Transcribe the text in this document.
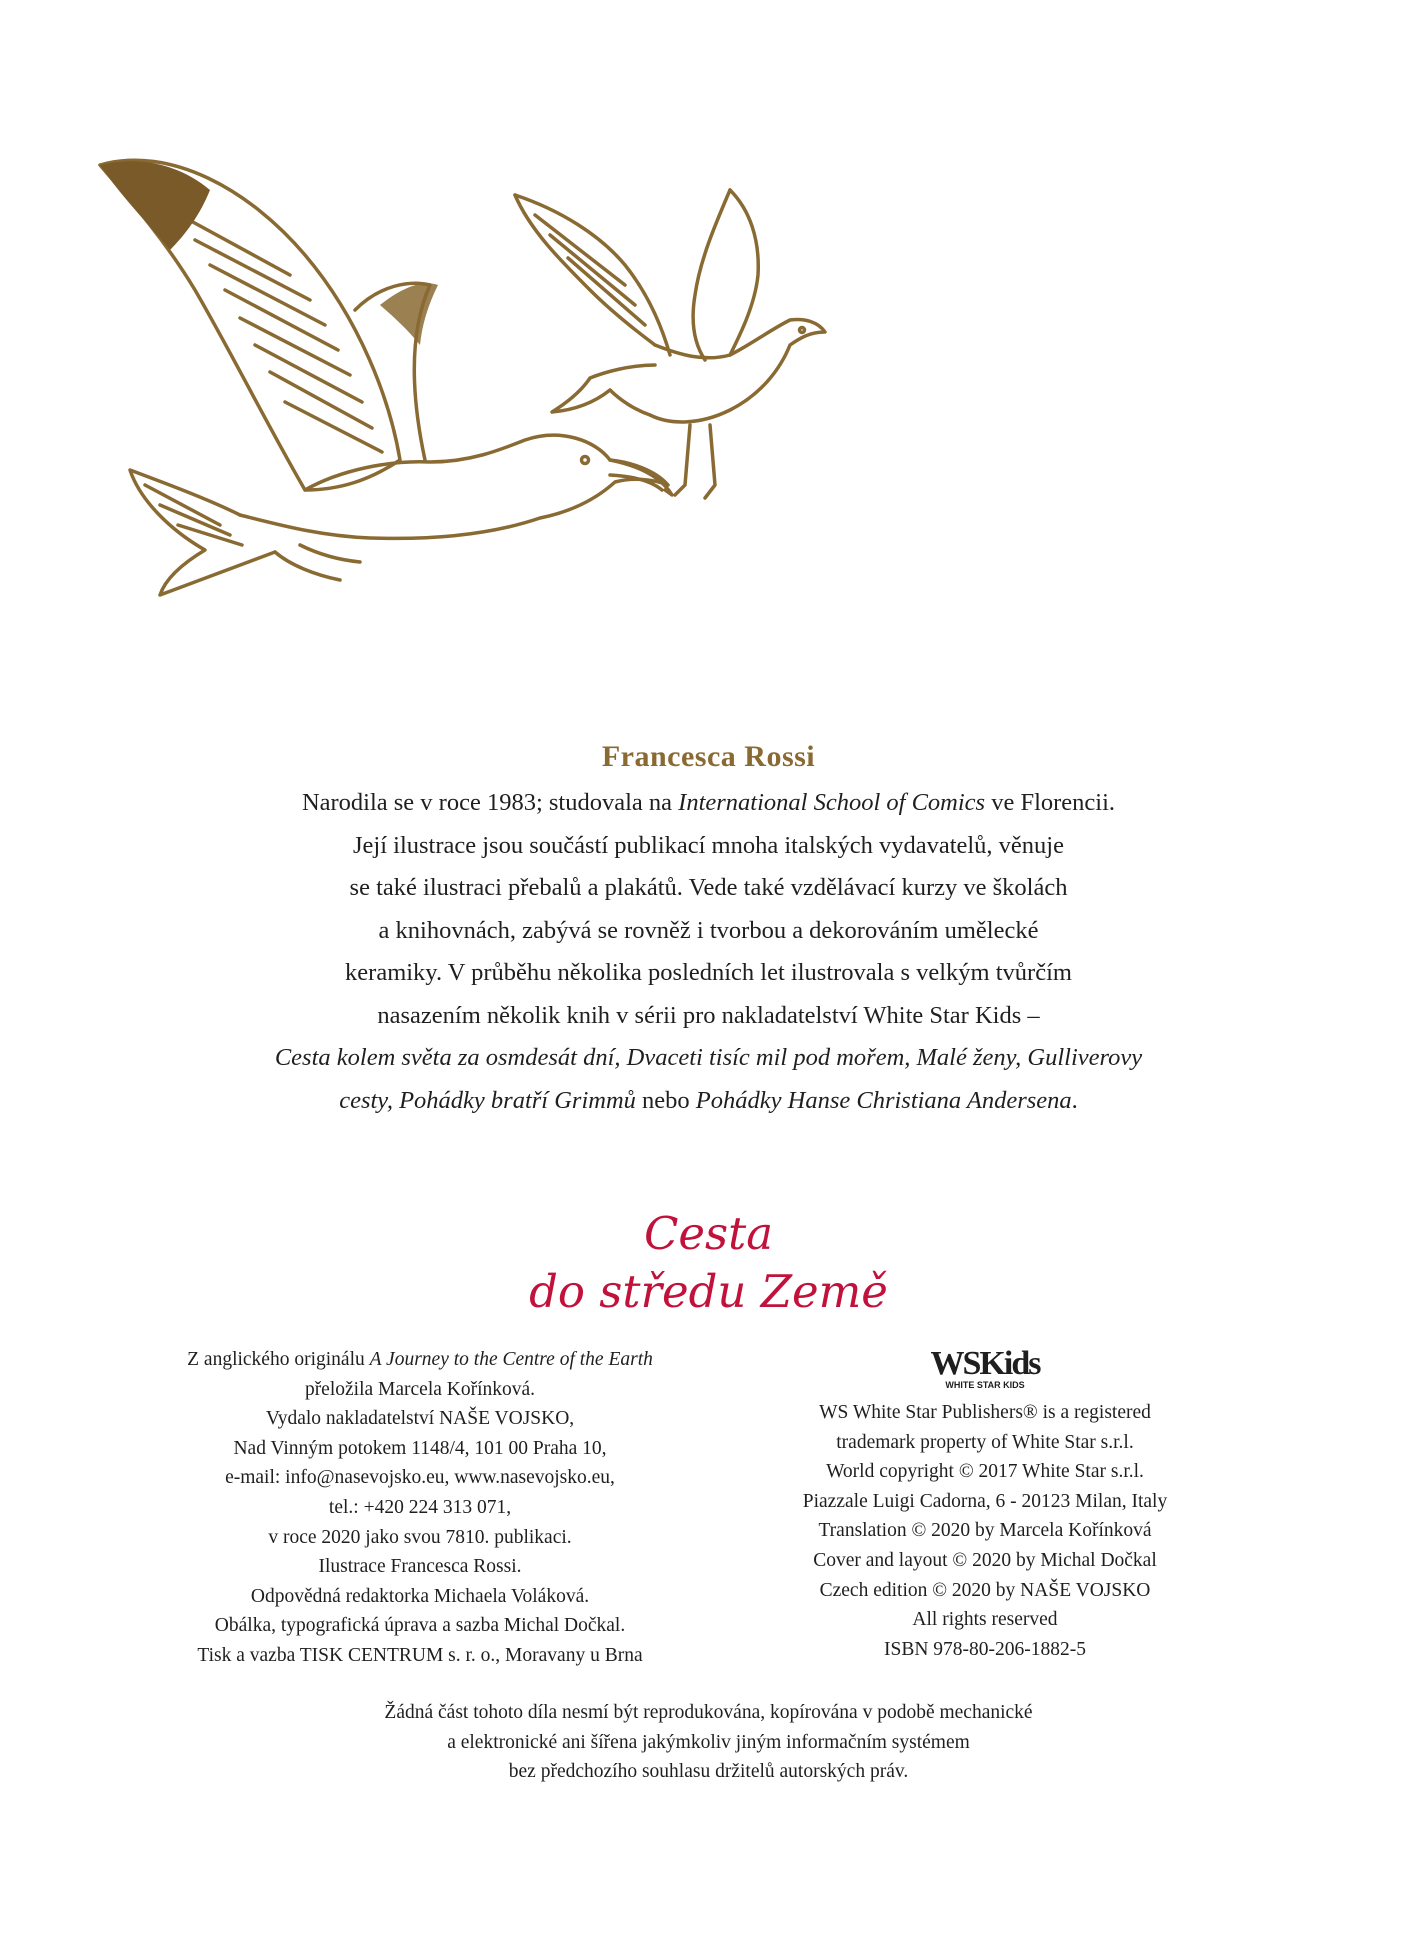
Francesca Rossi
Narodila se v roce 1983; studovala na International School of Comics ve Florencii.
Její ilustrace jsou součástí publikací mnoha italských vydavatelů, věnuje
se také ilustraci přebalů a plakátů. Vede také vzdělávací kurzy ve školách
a knihovnách, zabývá se rovněž i tvorbou a dekorováním umělecké
keramiky. V průběhu několika posledních let ilustrovala s velkým tvůrčím
nasazením několik knih v sérii pro nakladatelství White Star Kids –
Cesta kolem světa za osmdesát dní, Dvaceti tisíc mil pod mořem, Malé ženy, Gulliverovy
cesty, Pohádky bratří Grimmů nebo Pohádky Hanse Christiana Andersena.
Cesta
do středu Země
Z anglického originálu A Journey to the Centre of the Earth
přeložila Marcela Kořínková.
Vydalo nakladatelství NAŠE VOJSKO,
Nad Vinným potokem 1148/4, 101 00 Praha 10,
e-mail: info@nasevojsko.eu, www.nasevojsko.eu,
tel.: +420 224 313 071,
v roce 2020 jako svou 7810. publikaci.
Ilustrace Francesca Rossi.
Odpovědná redaktorka Michaela Voláková.
Obálka, typografická úprava a sazba Michal Dočkal.
Tisk a vazba TISK CENTRUM s. r. o., Moravany u Brna
WSKids
WHITE STAR KIDS
WS White Star Publishers® is a registered
trademark property of White Star s.r.l.
World copyright © 2017 White Star s.r.l.
Piazzale Luigi Cadorna, 6 - 20123 Milan, Italy
Translation © 2020 by Marcela Kořínková
Cover and layout © 2020 by Michal Dočkal
Czech edition © 2020 by NAŠE VOJSKO
All rights reserved
ISBN 978-80-206-1882-5
Žádná část tohoto díla nesmí být reprodukována, kopírována v podobě mechanické
a elektronické ani šířena jakýmkoliv jiným informačním systémem
bez předchozího souhlasu držitelů autorských práv.
